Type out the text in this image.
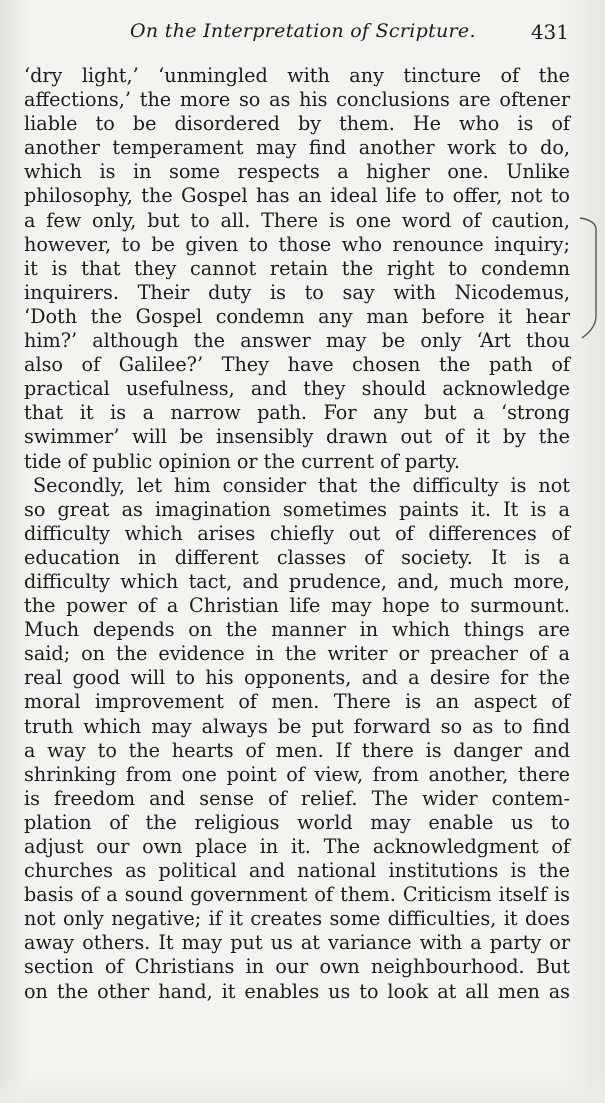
On the Interpretation of Scripture.	431
‘dry light,’ ‘unmingled with any tincture of the
affections,’ the more so as his conclusions are oftener
liable to be disordered by them. He who is of
another temperament may find another work to do,
which is in some respects a higher one. Unlike
philosophy, the Gospel has an ideal life to offer, not to
a few only, but to all. There is one word of caution,
however, to be given to those who renounce inquiry;
it is that they cannot retain the right to condemn
inquirers. Their duty is to say with Nicodemus,
‘Doth the Gospel condemn any man before it hear
him?’ although the answer may be only ‘Art thou
also of Galilee?’ They have chosen the path of
practical usefulness, and they should acknowledge
that it is a narrow path. For any but a ‘strong
swimmer’ will be insensibly drawn out of it by the
tide of public opinion or the current of party.
Secondly, let him consider that the difficulty is not
so great as imagination sometimes paints it. It is a
difficulty which arises chiefly out of differences of
education in different classes of society. It is a
difficulty which tact, and prudence, and, much more,
the power of a Christian life may hope to surmount.
Much depends on the manner in which things are
said; on the evidence in the writer or preacher of a
real good will to his opponents, and a desire for the
moral improvement of men. There is an aspect of
truth which may always be put forward so as to find
a way to the hearts of men. If there is danger and
shrinking from one point of view, from another, there
is freedom and sense of relief. The wider contem-
plation of the religious world may enable us to
adjust our own place in it. The acknowledgment of
churches as political and national institutions is the
basis of a sound government of them. Criticism itself is
not only negative; if it creates some difficulties, it does
away others. It may put us at variance with a party or
section of Christians in our own neighbourhood. But
on the other hand, it enables us to look at all men as
